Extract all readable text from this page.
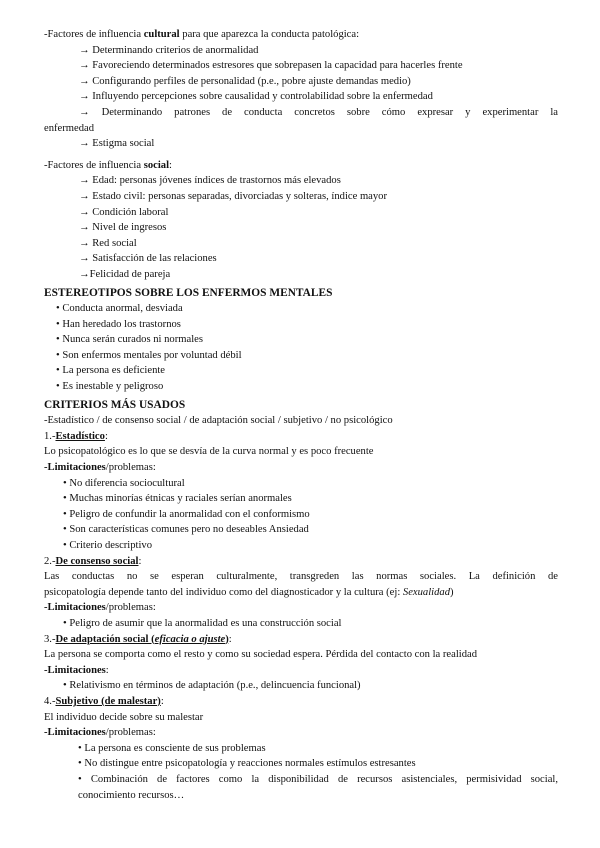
-Factores de influencia cultural para que aparezca la conducta patológica:

→ Determinando criterios de anormalidad

→ Favoreciendo determinados estresores que sobrepasen la capacidad para hacerles frente

→ Configurando perfiles de personalidad (p.e., pobre ajuste demandas medio)

→ Influyendo percepciones sobre causalidad y controlabilidad sobre la enfermedad

→ Determinando patrones de conducta concretos sobre cómo expresar y experimentar la

enfermedad

→ Estigma social

-Factores de influencia social:

→ Edad: personas jóvenes índices de trastornos más elevados

→ Estado civil: personas separadas, divorciadas y solteras, índice mayor

→ Condición laboral

→ Nivel de ingresos

→ Red social

→ Satisfacción de las relaciones

→Felicidad de pareja

ESTEREOTIPOS SOBRE LOS ENFERMOS MENTALES

• Conducta anormal, desviada

• Han heredado los trastornos

• Nunca serán curados ni normales

• Son enfermos mentales por voluntad débil

• La persona es deficiente

• Es inestable y peligroso

CRITERIOS MÁS USADOS

-Estadístico / de consenso social / de adaptación social / subjetivo / no psicológico

1.-Estadístico:

Lo psicopatológico es lo que se desvía de la curva normal y es poco frecuente

-Limitaciones/problemas:

• No diferencia sociocultural

• Muchas minorías étnicas y raciales serían anormales

• Peligro de confundir la anormalidad con el conformismo

• Son características comunes pero no deseables Ansiedad

• Criterio descriptivo

2.-De consenso social:

Las conductas no se esperan culturalmente, transgreden las normas sociales. La definición de

psicopatología depende tanto del individuo como del diagnosticador y la cultura (ej: Sexualidad)

-Limitaciones/problemas:

• Peligro de asumir que la anormalidad es una construcción social

3.-De adaptación social (eficacia o ajuste):

La persona se comporta como el resto y como su sociedad espera. Pérdida del contacto con la realidad

-Limitaciones:

• Relativismo en términos de adaptación (p.e., delincuencia funcional)

4.-Subjetivo (de malestar):

El individuo decide sobre su malestar

-Limitaciones/problemas:

• La persona es consciente de sus problemas

• No distingue entre psicopatología y reacciones normales estímulos estresantes

• Combinación de factores como la disponibilidad de recursos asistenciales, permisividad social,

conocimiento recursos…
